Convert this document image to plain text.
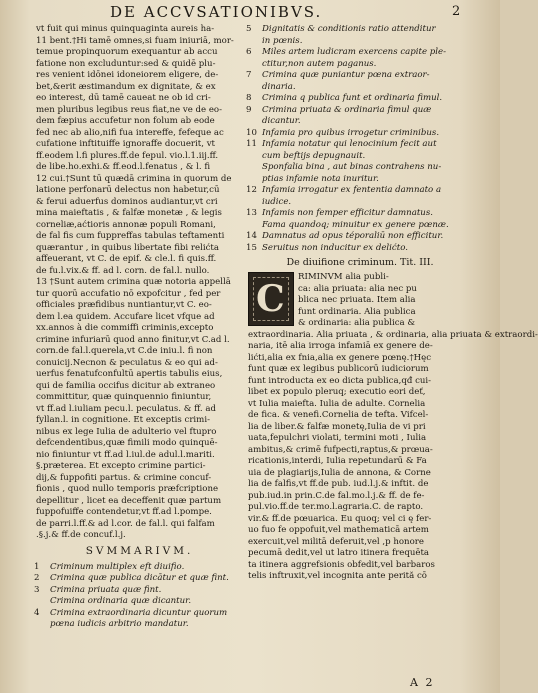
DE ACCVSATIONIBVS.	2
vt fuit qui minus quinquaginta aureis ha-
11 bent.†Hi tamē omnes,si fuam iniuriā, mor-
temue propinquorum exequantur ab accu
fatione non excluduntur:sed & quidē plu-
res venient idōnei idoneiorem eligere, de-
bet,&erit æstimandum ex dignitate, & ex
eo interest, dū tamē caueat ne ob id cri-
men pluribus legibus reus fiat,ne ve de eo-
dem fæpius accufetur non folum ab eode
fed nec ab alio,nifi fua intereffe, fefeque ac
cufatione inftituiffe ignoraffe docuerit, vt
ff.eodem l.fi plures.ff.de fepul. vio.l.1.iij.ff.
de libe.ho.exhi.& ff.eod.l.fenatus , & l. fi
12 cui.†Sunt tū quædā crimina in quorum de
latione perfonarū delectus non habetur,cū
& ferui aduerfus dominos audiantur,vt cri
mina maieftatis , & falfæ monetæ , & legis
corneliæ,aćtioris annonæ populi Romani,
de fal fis cum fuppreffas tabulas teftamenti
quærantur , in quibus libertate fibi relićta
affeuerant, vt C. de epif. & cle.l. fi quis.ff.
de fu.l.vix.& ff. ad l. corn. de fal.l. nullo.
13 †Sunt autem crimina quæ notoria appellā
tur quorū accufatio nō expofcitur , fed per
officiales præfidibus nuntiantur,vt C. eo-
dem l.ea quidem. Accufare licet vfque ad
xx.annos à die commiffi criminis,excepto
crimine infuriarū quod anno finitur,vt C.ad l.
corn.de fal.l.querela,vt C.de iniu.l. fi non
conuicij.Necnon & peculatus & eo qui ad-
uerfus fenatufconfultū apertis tabulis eius,
qui de familia occifus dicitur ab extraneo
committitur, quæ quinquennio finiuntur,
vt ff.ad l.iuliam pecu.l. peculatus. & ff. ad
fyllan.l. in cognitione. Et exceptis crimi-
nibus ex lege Iulia de adulterio vel ftupro
defcendentibus,quæ fimili modo quinquē-
nio finiuntur vt ff.ad l.iul.de adul.l.mariti.
§.præterea. Et excepto crimine partici-
dij,& fuppofiti partus. & crimine concuf-
fionis , quod nullo temporis præfcriptione
depellitur , licet ea deceffenit quæ partum
fuppofuiffe contendetur,vt ff.ad l.pompe.
de parri.l.ff.& ad l.cor. de fal.l. qui falfam
.§.j.& ff.de concuf.l.j.
SVMMARIVM.
1 Criminum multiplex eft diuifio.
2 Crimina quæ publica dicātur et quæ fint.
3 Crimina priuata quæ fint.
Crimina ordinaria quæ dicantur.
4 Crimina extraordinaria dicuntur quorum
pœna iudicis arbitrio mandatur.
5 Dignitatis & conditionis ratio attenditur
in pœnis.
6 Miles artem ludicram exercens capite ple-
ctitur,non autem paganus.
7 Crimina quæ puniantur pœna extraor-
dinaria.
8 Crimina q publica funt et ordinaria fimul.
9 Crimina priuata & ordinaria fimul quæ
dicantur.
10 Infamia pro quibus irrogetur criminibus.
11 Infamia notatur qui lenocinium fecit aut
cum beftijs depugnauit.
Sponfalia bina , aut binas contrahens nu-
ptias infamie nota inuritur.
12 Infamia irrogatur ex fententia damnato a
iudice.
13 Infamis non femper efficitur damnatus.
Fama quandoq; minuitur ex genere pœnæ.
14 Damnatus ad opus téporaliū non efficitur.
15 Seruitus non inducitur ex delićto.
De diuifione criminum. Tit. III.
C
RIMINVM alia publi-
ca: alia priuata: alia nec pu
blica nec priuata. Item alia
funt ordinaria. Alia publica
& ordinaria: alia publica &
extraordinaria. Alia priuata , & ordinaria, alia priuata & extraordi-
naria, itē alia irroga infamiā ex genere de-
lićti,alia ex fnia,alia ex genere pœnę.†Hęc
funt quæ ex legibus publicorū iudiciorum
funt introducta ex eo dicta publica,qđ cui-
libet ex populo pleruq; executio eori deť,
vt Iulia maiefta. Iulia de adulte. Cornelia
de fica. & venefi.Cornelia de tefta. Vifcel-
lia de liber.& falfæ monetę,Iulia de vi pri
uata,fepulchri violati, termini moti , Iulia
ambitus,& crimē fufpecti,raptus,& prœua-
ricationis,interdi, Iulia repetundarū & Fa
uia de plagiarijs,Iulia de annona, & Corne
lia de falfis,vt ff.de pub. iud.l.j.& inftit. de
pub.iud.in prin.C.de fal.mo.l.j.& ff. de fe-
pul.vio.ff.de ter.mo.l.agraria.C. de rapto.
vir.& ff.de pœuarica. Eu quoq; vel ci ę fer-
uo fuo fe oppofuit,vel mathematicā artem
exercuit,vel militā deferuit,vel ,p honore
pecumā dedit,vel ut latro itinera frequēta
ta itinera aggrefsionis obfedit,vel barbaros
telis inftruxit,vel incognita ante perită cō
A 2
